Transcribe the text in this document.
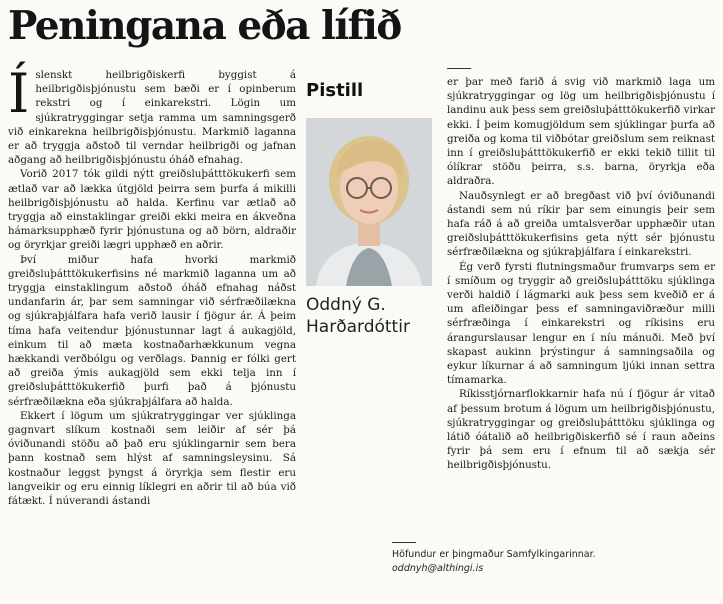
Peningana eða lífið

Íslenskt heilbrigðiskerfi byggist á heilbrigðisþjónustu sem bæði er í opinberum rekstri og í einkarekstri. Lögin um sjúkratryggingar setja ramma um samningsgerð við einkarekna heilbrigðisþjónustu. Markmið laganna er að tryggja aðstoð til verndar heilbrigði og jafnan aðgang að heilbrigðisþjónustu óháð efnahag.

Vorið 2017 tók gildi nýtt greiðsluþátttökukerfi sem ætlað var að lækka útgjöld þeirra sem þurfa á mikilli heilbrigðisþjónustu að halda. Kerfinu var ætlað að tryggja að einstaklingar greiði ekki meira en ákveðna hámarksupphæð fyrir þjónustuna og að börn, aldraðir og öryrkjar greiði lægri upphæð en aðrir.

Því miður hafa hvorki markmið greiðsluþátttökukerfisins né markmið laganna um að tryggja einstaklingum aðstoð óháð efnahag náðst undanfarin ár, þar sem samningar við sérfræðilækna og sjúkraþjálfara hafa verið lausir í fjögur ár. Á þeim tíma hafa veitendur þjónustunnar lagt á aukagjöld, einkum til að mæta kostnaðarhækkunum vegna hækkandi verðbólgu og verðlags. Þannig er fólki gert að greiða ýmis aukagjöld sem ekki telja inn í greiðsluþátttökukerfið þurfi það á þjónustu sérfræðilækna eða sjúkraþjálfara að halda.

Ekkert í lögum um sjúkratryggingar ver sjúklinga gagnvart slíkum kostnaði sem leiðir af sér þá óviðunandi stöðu að það eru sjúklingarnir sem bera þann kostnað sem hlýst af samningsleysinu. Sá kostnaður leggst þyngst á öryrkja sem flestir eru langveikir og eru einnig líklegri en aðrir til að búa við fátækt. Í núverandi ástandi

Pistill
Oddný G.
Harðardóttir

er þar með farið á svig við markmið laga um sjúkratryggingar og lög um heilbrigðisþjónustu í landinu auk þess sem greiðsluþátttökukerfið virkar ekki. Í þeim komugjöldum sem sjúklingar þurfa að greiða og koma til viðbótar greiðslum sem reiknast inn í greiðsluþátttökukerfið er ekki tekið tillit til ólíkrar stöðu þeirra, s.s. barna, öryrkja eða aldraðra.

Nauðsynlegt er að bregðast við því óviðunandi ástandi sem nú ríkir þar sem einungis þeir sem hafa ráð á að greiða umtalsverðar upphæðir utan greiðsluþátttökukerfisins geta nýtt sér þjónustu sérfræðilækna og sjúkraþjálfara í einkarekstri.

Ég verð fyrsti flutningsmaður frumvarps sem er í smíðum og tryggir að greiðsluþátttöku sjúklinga verði haldið í lágmarki auk þess sem kveðið er á um afleiðingar þess ef samningaviðræður milli sérfræðinga í einkarekstri og ríkisins eru árangurslausar lengur en í níu mánuði. Með því skapast aukinn þrýstingur á samningsaðila og eykur líkurnar á að samningum ljúki innan settra tímamarka.

Ríkisstjórnarflokkarnir hafa nú í fjögur ár vitað af þessum brotum á lögum um heilbrigðisþjónustu, sjúkratryggingar og greiðsluþátttöku sjúklinga og látið óátalið að heilbrigðiskerfið sé í raun aðeins fyrir þá sem eru í efnum til að sækja sér heilbrigðisþjónustu.

Höfundur er þingmaður Samfylkingarinnar.
oddnyh@althingi.is
